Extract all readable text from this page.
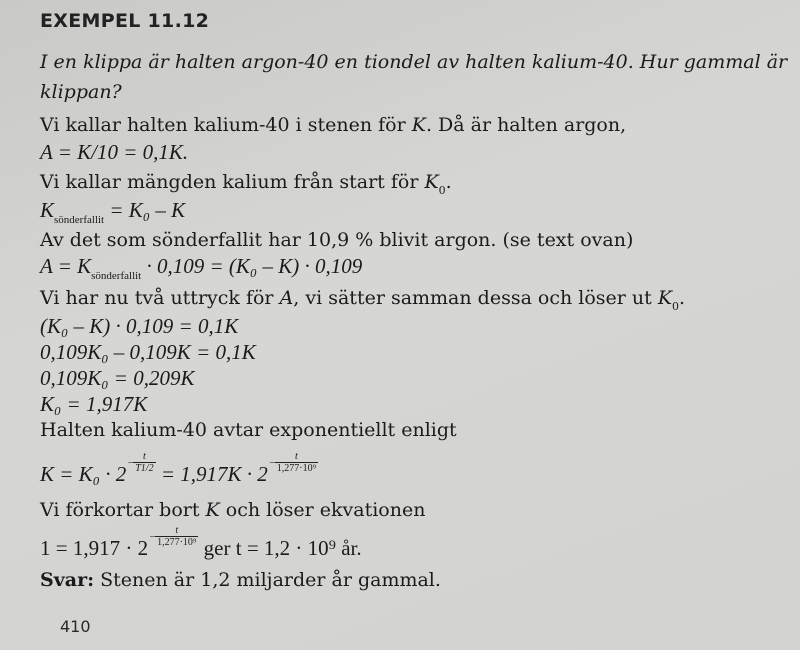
EXEMPEL 11.12
I en klippa är halten argon-40 en tiondel av halten kalium-40. Hur gammal är
klippan?
Vi kallar halten kalium-40 i stenen för K. Då är halten argon,
A = K/10 = 0,1K.
Vi kallar mängden kalium från start för $K_0$.
$K_{sönderfallit} = K_0 - K$
Av det som sönderfallit har 10,9 % blivit argon. (se text ovan)
$A = K_{sönderfallit} \cdot 0,109 = (K_0 - K) \cdot 0,109$
Vi har nu två uttryck för A, vi sätter samman dessa och löser ut $K_0$.
(K₀ – K) · 0,109 = 0,1K
0,109K₀ – 0,109K = 0,1K
0,109K₀ = 0,209K
K₀ = 1,917K
Halten kalium-40 avtar exponentiellt enligt
$K = K_0 \cdot 2 - \frac{t}{T1/2} = 1,917K \cdot 2 - \frac{t}{\text{1,277·10⁹}}$
Vi förkortar bort K och löser ekvationen
$1 = 1,917 \cdot 2 - \frac{t}{\text{1,277·10⁹}}$ ger t = 1,2 · 10⁹ år.
Svar: Stenen är 1,2 miljarder år gammal.
410
